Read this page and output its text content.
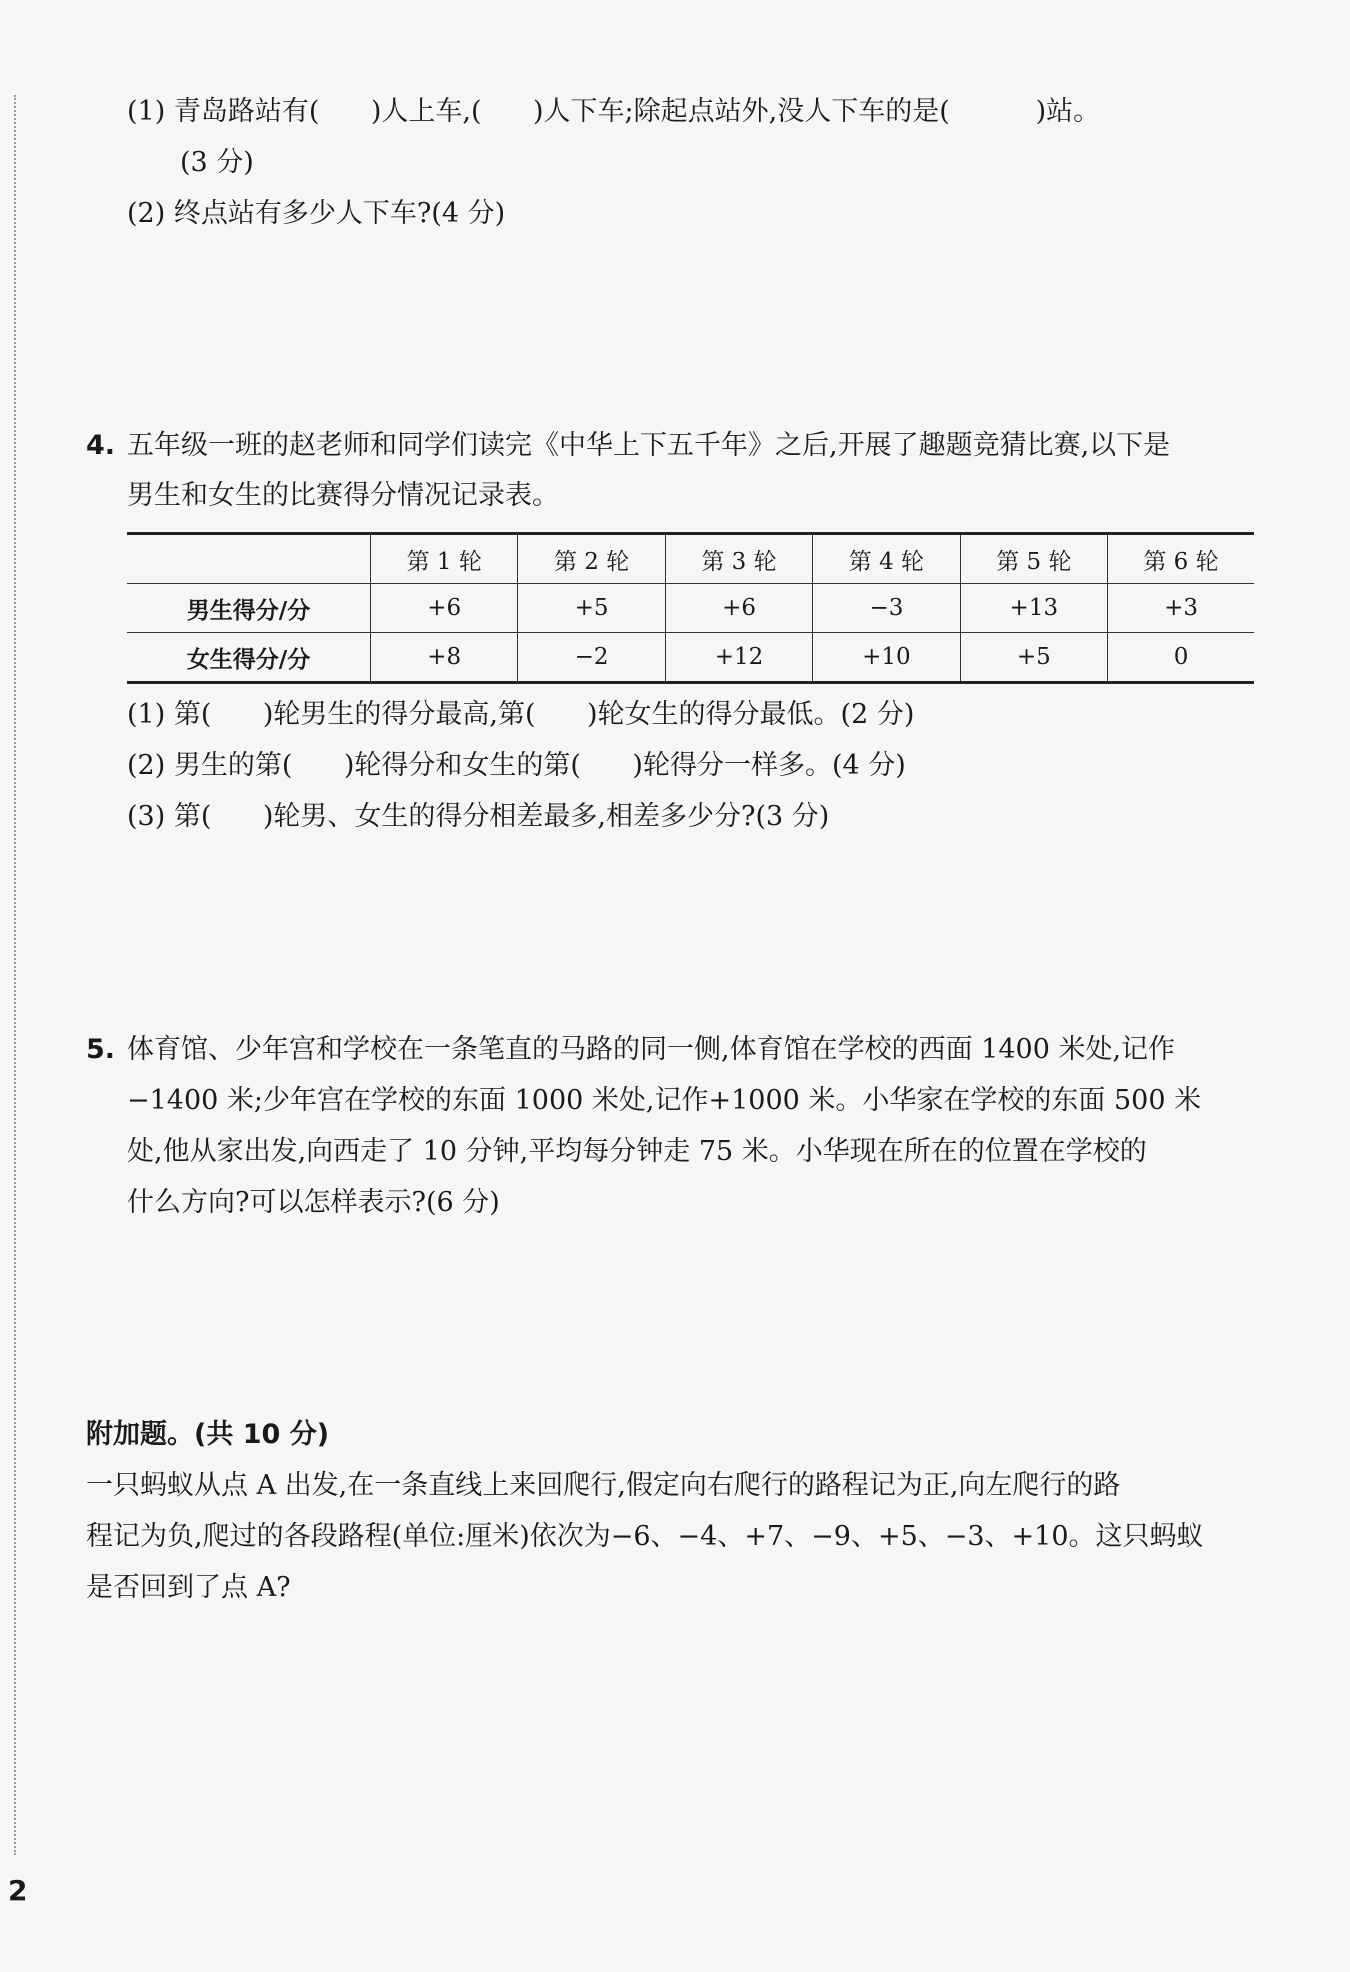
(1) 青岛路站有(      )人上车,(      )人下车;除起点站外,没人下车的是(          )站。
(3 分)
(2) 终点站有多少人下车?(4 分)
4. 五年级一班的赵老师和同学们读完《中华上下五千年》之后,开展了趣题竞猜比赛,以下是
男生和女生的比赛得分情况记录表。
	第 1 轮	第 2 轮	第 3 轮	第 4 轮	第 5 轮	第 6 轮
男生得分/分	+6	+5	+6	−3	+13	+3
女生得分/分	+8	−2	+12	+10	+5	0
(1) 第(      )轮男生的得分最高,第(      )轮女生的得分最低。(2 分)
(2) 男生的第(      )轮得分和女生的第(      )轮得分一样多。(4 分)
(3) 第(      )轮男、女生的得分相差最多,相差多少分?(3 分)
5. 体育馆、少年宫和学校在一条笔直的马路的同一侧,体育馆在学校的西面 1400 米处,记作
−1400 米;少年宫在学校的东面 1000 米处,记作+1000 米。小华家在学校的东面 500 米
处,他从家出发,向西走了 10 分钟,平均每分钟走 75 米。小华现在所在的位置在学校的
什么方向?可以怎样表示?(6 分)
附加题。(共 10 分)
一只蚂蚁从点 A 出发,在一条直线上来回爬行,假定向右爬行的路程记为正,向左爬行的路
程记为负,爬过的各段路程(单位:厘米)依次为−6、−4、+7、−9、+5、−3、+10。这只蚂蚁
是否回到了点 A?
2
